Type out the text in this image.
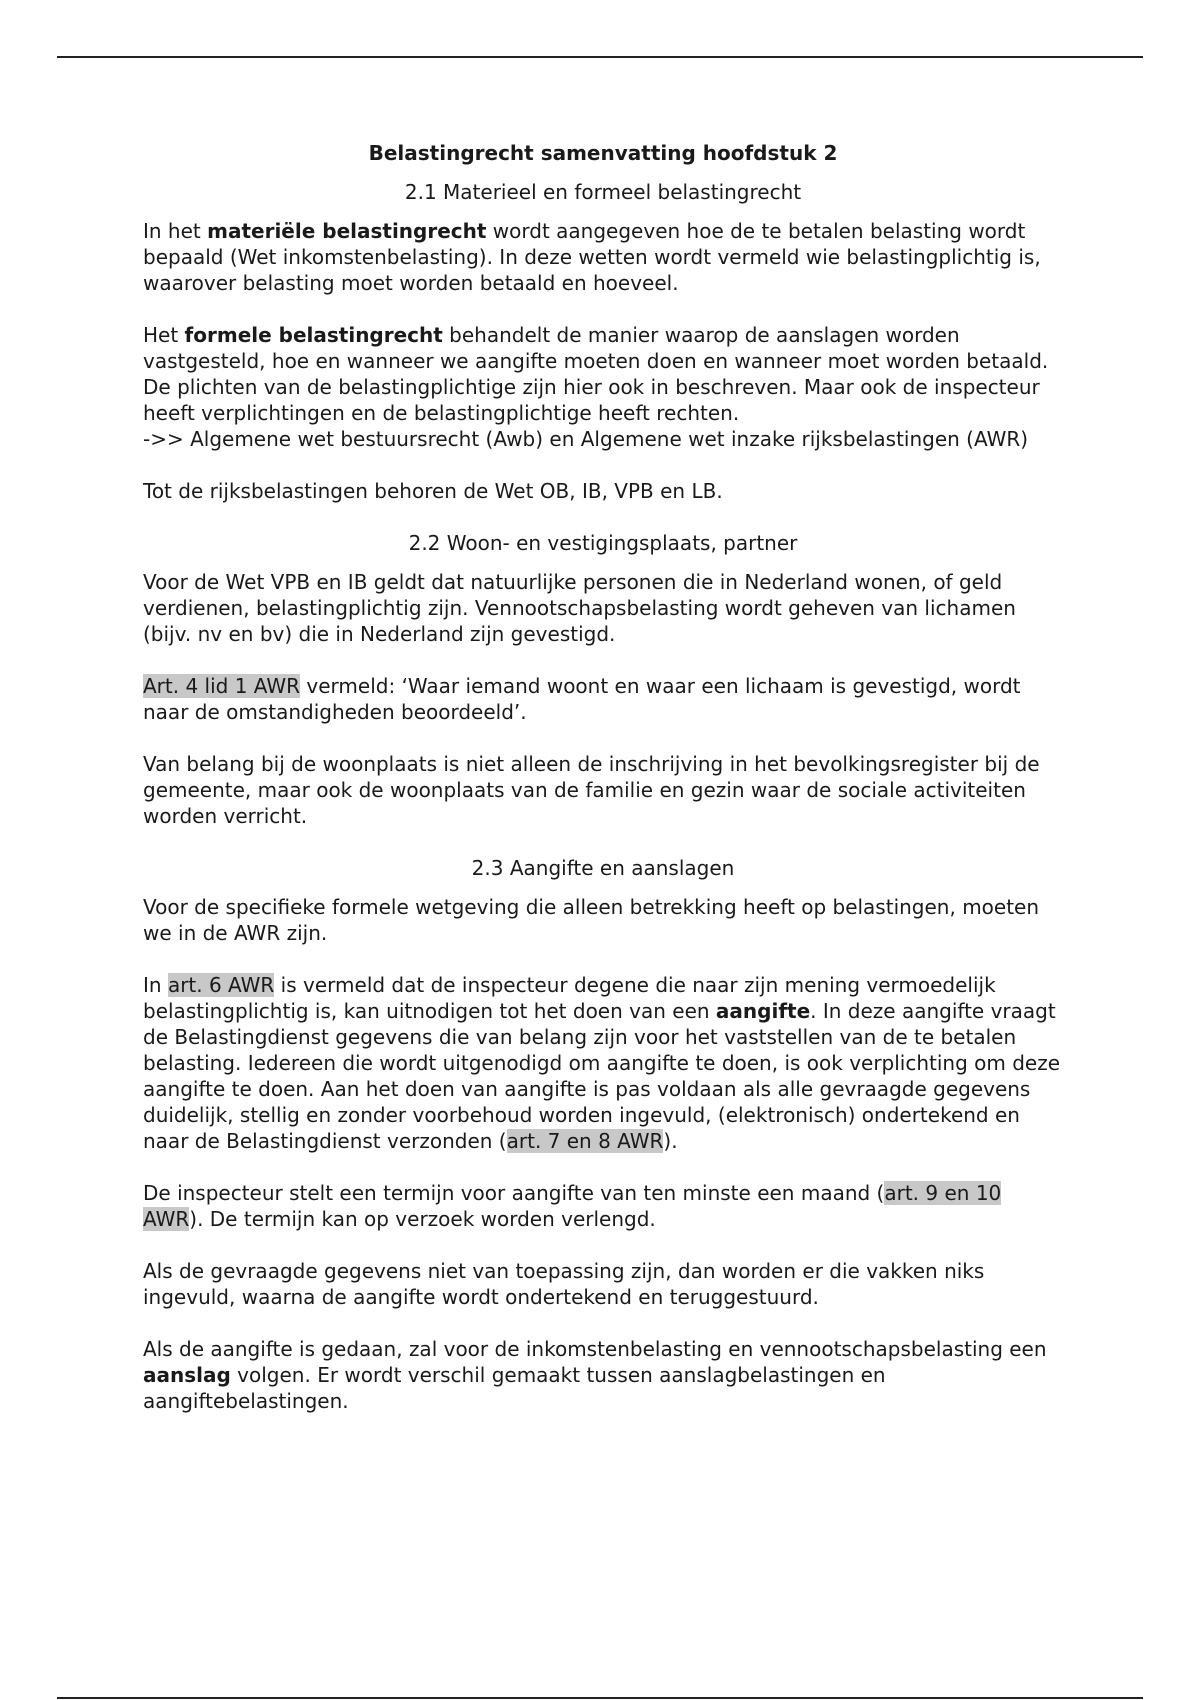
Belastingrecht samenvatting hoofdstuk 2
2.1 Materieel en formeel belastingrecht

In het materiële belastingrecht wordt aangegeven hoe de te betalen belasting wordt bepaald (Wet inkomstenbelasting). In deze wetten wordt vermeld wie belastingplichtig is, waarover belasting moet worden betaald en hoeveel.

Het formele belastingrecht behandelt de manier waarop de aanslagen worden vastgesteld, hoe en wanneer we aangifte moeten doen en wanneer moet worden betaald. De plichten van de belastingplichtige zijn hier ook in beschreven. Maar ook de inspecteur heeft verplichtingen en de belastingplichtige heeft rechten.

->> Algemene wet bestuursrecht (Awb) en Algemene wet inzake rijksbelastingen (AWR)

Tot de rijksbelastingen behoren de Wet OB, IB, VPB en LB.

2.2 Woon- en vestigingsplaats, partner

Voor de Wet VPB en IB geldt dat natuurlijke personen die in Nederland wonen, of geld verdienen, belastingplichtig zijn. Vennootschapsbelasting wordt geheven van lichamen (bijv. nv en bv) die in Nederland zijn gevestigd.

Art. 4 lid 1 AWR vermeld: ‘Waar iemand woont en waar een lichaam is gevestigd, wordt naar de omstandigheden beoordeeld’.

Van belang bij de woonplaats is niet alleen de inschrijving in het bevolkingsregister bij de gemeente, maar ook de woonplaats van de familie en gezin waar de sociale activiteiten worden verricht.

2.3 Aangifte en aanslagen

Voor de specifieke formele wetgeving die alleen betrekking heeft op belastingen, moeten we in de AWR zijn.

In art. 6 AWR is vermeld dat de inspecteur degene die naar zijn mening vermoedelijk belastingplichtig is, kan uitnodigen tot het doen van een aangifte. In deze aangifte vraagt de Belastingdienst gegevens die van belang zijn voor het vaststellen van de te betalen belasting. Iedereen die wordt uitgenodigd om aangifte te doen, is ook verplichting om deze aangifte te doen. Aan het doen van aangifte is pas voldaan als alle gevraagde gegevens duidelijk, stellig en zonder voorbehoud worden ingevuld, (elektronisch) ondertekend en naar de Belastingdienst verzonden (art. 7 en 8 AWR).

De inspecteur stelt een termijn voor aangifte van ten minste een maand (art. 9 en 10 AWR). De termijn kan op verzoek worden verlengd.

Als de gevraagde gegevens niet van toepassing zijn, dan worden er die vakken niks ingevuld, waarna de aangifte wordt ondertekend en teruggestuurd.

Als de aangifte is gedaan, zal voor de inkomstenbelasting en vennootschapsbelasting een aanslag volgen. Er wordt verschil gemaakt tussen aanslagbelastingen en aangiftebelastingen.
